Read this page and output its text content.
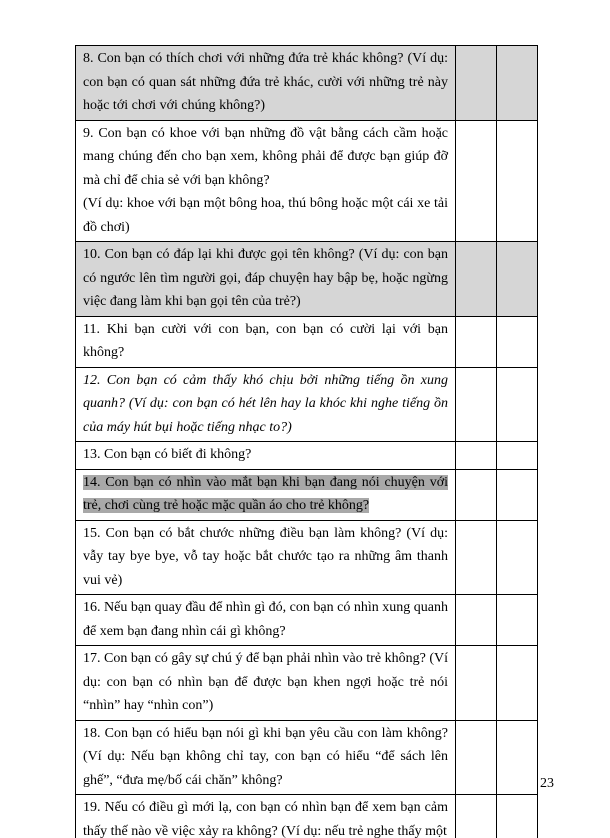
8. Con bạn có thích chơi với những đứa trẻ khác không? (Ví dụ: con bạn có quan sát những đứa trẻ khác, cười với những trẻ này hoặc tới chơi với chúng không?)		

9. Con bạn có khoe với bạn những đồ vật bằng cách cầm hoặc mang chúng đến cho bạn xem, không phải để được bạn giúp đỡ mà chỉ để chia sẻ với bạn không?
(Ví dụ: khoe với bạn một bông hoa, thú bông hoặc một cái xe tải đồ chơi)		

10. Con bạn có đáp lại khi được gọi tên không? (Ví dụ: con bạn có ngước lên tìm người gọi, đáp chuyện hay bập bẹ, hoặc ngừng việc đang làm khi bạn gọi tên của trẻ?)		

11. Khi bạn cười với con bạn, con bạn có cười lại với bạn không?		

12. Con bạn có cảm thấy khó chịu bởi những tiếng ồn xung quanh? (Ví dụ: con bạn có hét lên hay la khóc khi nghe tiếng ồn của máy hút bụi hoặc tiếng nhạc to?)		

13. Con bạn có biết đi không?		

14. Con bạn có nhìn vào mắt bạn khi bạn đang nói chuyện với trẻ, chơi cùng trẻ hoặc mặc quần áo cho trẻ không?		

15. Con bạn có bắt chước những điều bạn làm không? (Ví dụ: vẫy tay bye bye, vỗ tay hoặc bắt chước tạo ra những âm thanh vui vẻ)		

16. Nếu bạn quay đầu để nhìn gì đó, con bạn có nhìn xung quanh để xem bạn đang nhìn cái gì không?		

17. Con bạn có gây sự chú ý để bạn phải nhìn vào trẻ không? (Ví dụ: con bạn có nhìn bạn để được bạn khen ngợi hoặc trẻ nói “nhìn” hay “nhìn con”)		

18. Con bạn có hiểu bạn nói gì khi bạn yêu cầu con làm không? (Ví dụ: Nếu bạn không chỉ tay, con bạn có hiểu “để sách lên ghế”, “đưa mẹ/bố cái chăn” không?		

19. Nếu có điều gì mới lạ, con bạn có nhìn bạn để xem bạn cảm thấy thế nào về việc xảy ra không? (Ví dụ: nếu trẻ nghe thấy một		

23
